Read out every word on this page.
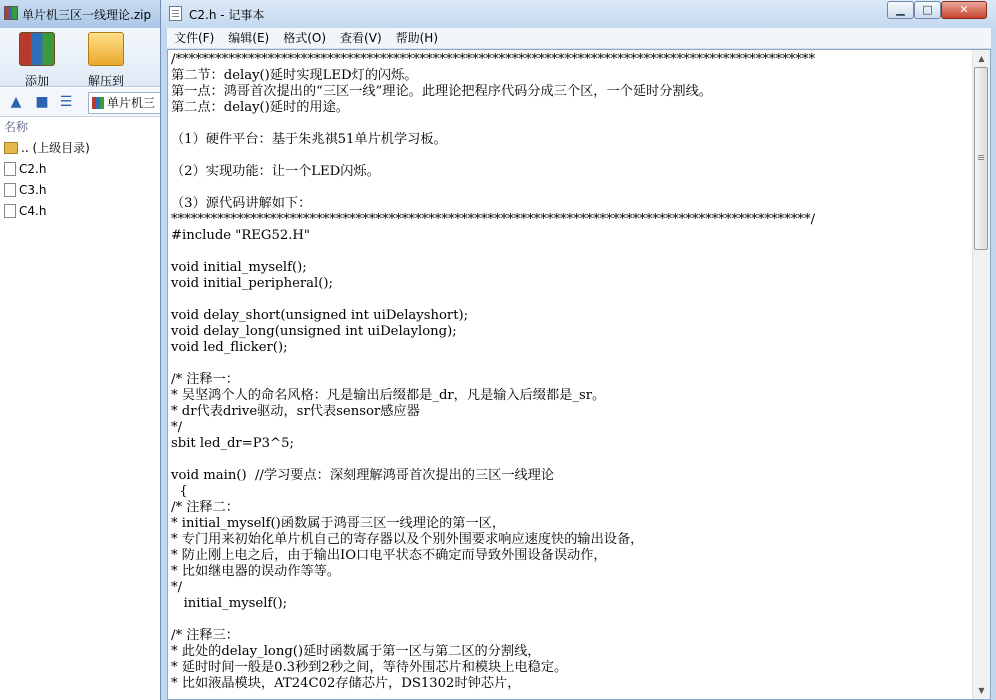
单片机三区一线理论.zip
添加	解压到
▲ ■ ☰	单片机三
名称
.. (上级目录)
C2.h
C3.h
C4.h
C2.h - 记事本	▁	□	✕
文件(F) 编辑(E) 格式(O) 查看(V) 帮助(H)
/*************************************************************************************************
第二节：delay()延时实现LED灯的闪烁。
第一点：鸿哥首次提出的“三区一线”理论。此理论把程序代码分成三个区，一个延时分割线。
第二点：delay()延时的用途。

（1）硬件平台：基于朱兆祺51单片机学习板。

（2）实现功能：让一个LED闪烁。

（3）源代码讲解如下：
*************************************************************************************************/
#include "REG52.H"

void initial_myself();
void initial_peripheral();

void delay_short(unsigned int uiDelayshort);
void delay_long(unsigned int uiDelaylong);
void led_flicker();

/* 注释一：
* 吴坚鸿个人的命名风格：凡是输出后缀都是_dr，凡是输入后缀都是_sr。
* dr代表drive驱动，sr代表sensor感应器
*/
sbit led_dr=P3^5;

void main()  //学习要点：深刻理解鸿哥首次提出的三区一线理论
{
/* 注释二：
* initial_myself()函数属于鸿哥三区一线理论的第一区，
* 专门用来初始化单片机自己的寄存器以及个别外围要求响应速度快的输出设备，
* 防止刚上电之后，由于输出IO口电平状态不确定而导致外围设备误动作，
* 比如继电器的误动作等等。
*/
initial_myself();

/* 注释三：
* 此处的delay_long()延时函数属于第一区与第二区的分割线，
* 延时时间一般是0.3秒到2秒之间，等待外围芯片和模块上电稳定。
* 比如液晶模块，AT24C02存储芯片，DS1302时钟芯片，
▲
▼
